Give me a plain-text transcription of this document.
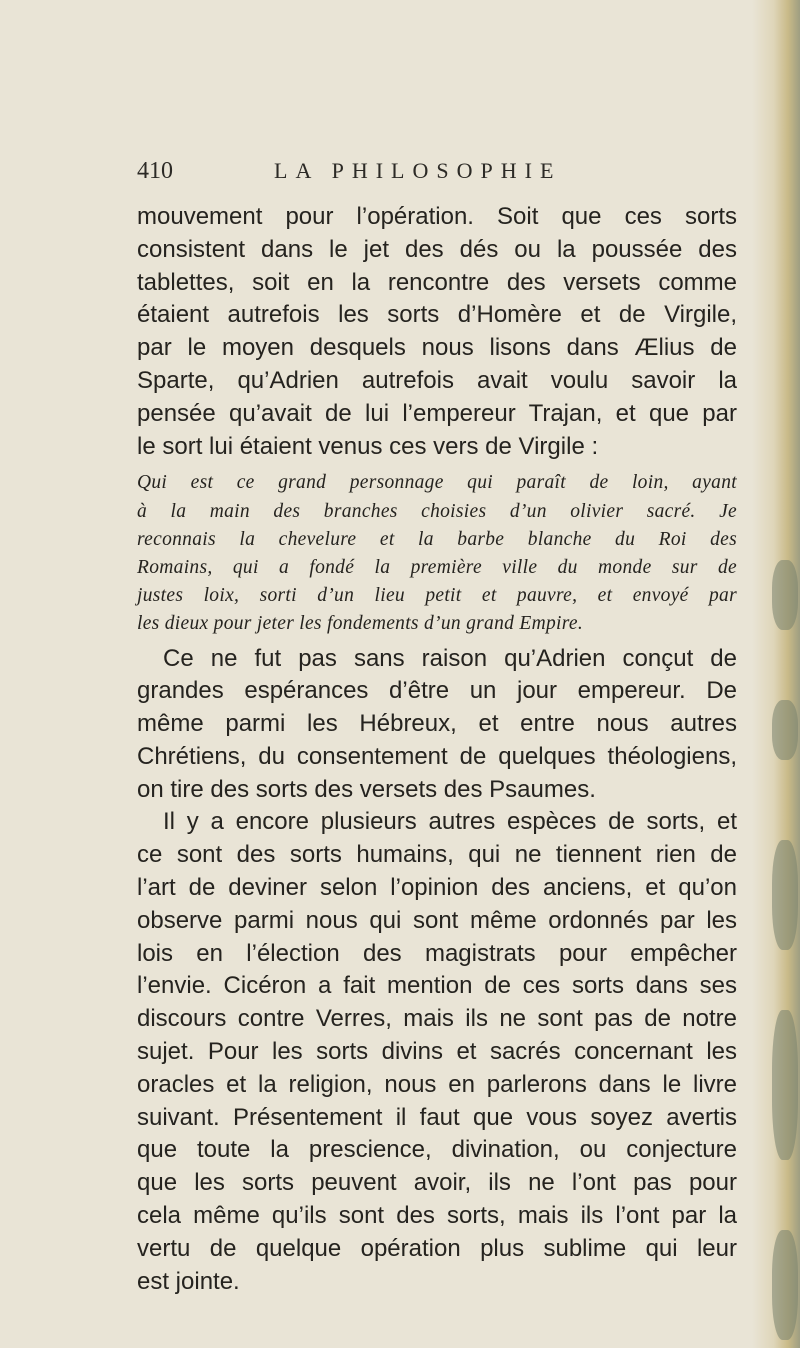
410	LA PHILOSOPHIE
mouvement pour l’opération. Soit que ces sorts
consistent dans le jet des dés ou la poussée des
tablettes, soit en la rencontre des versets comme
étaient autrefois les sorts d’Homère et de Virgile,
par le moyen desquels nous lisons dans Ælius de
Sparte, qu’Adrien autrefois avait voulu savoir la
pensée qu’avait de lui l’empereur Trajan, et que par
le sort lui étaient venus ces vers de Virgile :
Qui est ce grand personnage qui paraît de loin, ayant
à la main des branches choisies d’un olivier sacré. Je
reconnais la chevelure et la barbe blanche du Roi des
Romains, qui a fondé la première ville du monde sur de
justes loix, sorti d’un lieu petit et pauvre, et envoyé par
les dieux pour jeter les fondements d’un grand Empire.
Ce ne fut pas sans raison qu’Adrien conçut de
grandes espérances d’être un jour empereur. De
même parmi les Hébreux, et entre nous autres
Chrétiens, du consentement de quelques théologiens,
on tire des sorts des versets des Psaumes.
Il y a encore plusieurs autres espèces de sorts, et
ce sont des sorts humains, qui ne tiennent rien de
l’art de deviner selon l’opinion des anciens, et qu’on
observe parmi nous qui sont même ordonnés par les
lois en l’élection des magistrats pour empêcher
l’envie. Cicéron a fait mention de ces sorts dans ses
discours contre Verres, mais ils ne sont pas de notre
sujet. Pour les sorts divins et sacrés concernant les
oracles et la religion, nous en parlerons dans le livre
suivant. Présentement il faut que vous soyez avertis
que toute la prescience, divination, ou conjecture
que les sorts peuvent avoir, ils ne l’ont pas pour
cela même qu’ils sont des sorts, mais ils l’ont par la
vertu de quelque opération plus sublime qui leur
est jointe.
